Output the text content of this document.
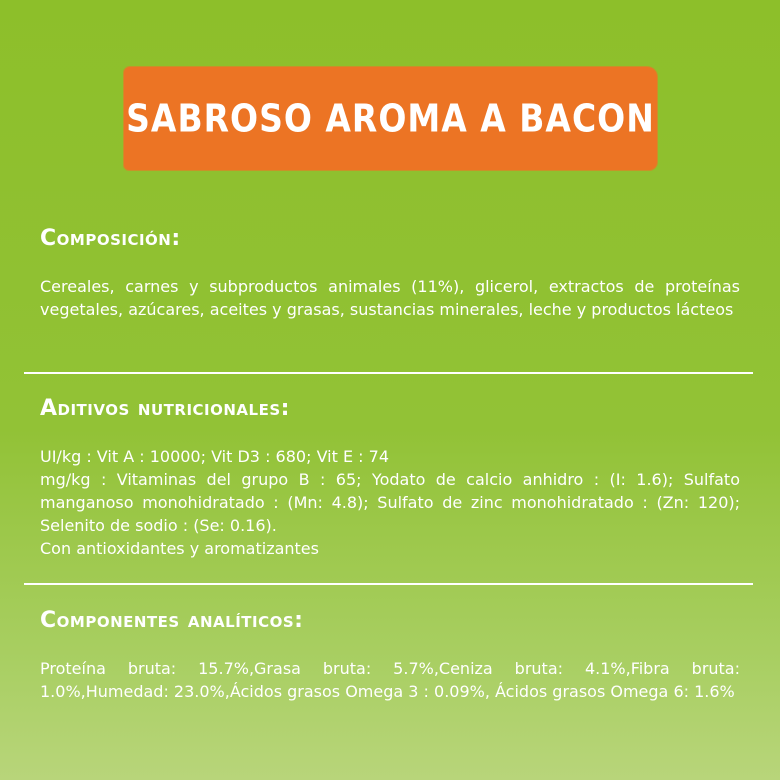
SABROSO AROMA A BACON
Composición:

Cereales, carnes y subproductos animales (11%), glicerol, extractos de proteínas vegetales, azúcares, aceites y grasas, sustancias minerales, leche y productos lácteos

Aditivos nutricionales:

UI/kg : Vit A : 10000; Vit D3 : 680; Vit E : 74
mg/kg : Vitaminas del grupo B : 65; Yodato de calcio anhidro : (I: 1.6); Sulfato manganoso monohidratado : (Mn: 4.8); Sulfato de zinc monohidratado : (Zn: 120); Selenito de sodio : (Se: 0.16).
Con antioxidantes y aromatizantes

Componentes analíticos:

Proteína bruta: 15.7%,Grasa bruta: 5.7%,Ceniza bruta: 4.1%,Fibra bruta: 1.0%,Humedad: 23.0%,Ácidos grasos Omega 3 : 0.09%, Ácidos grasos Omega 6: 1.6%
